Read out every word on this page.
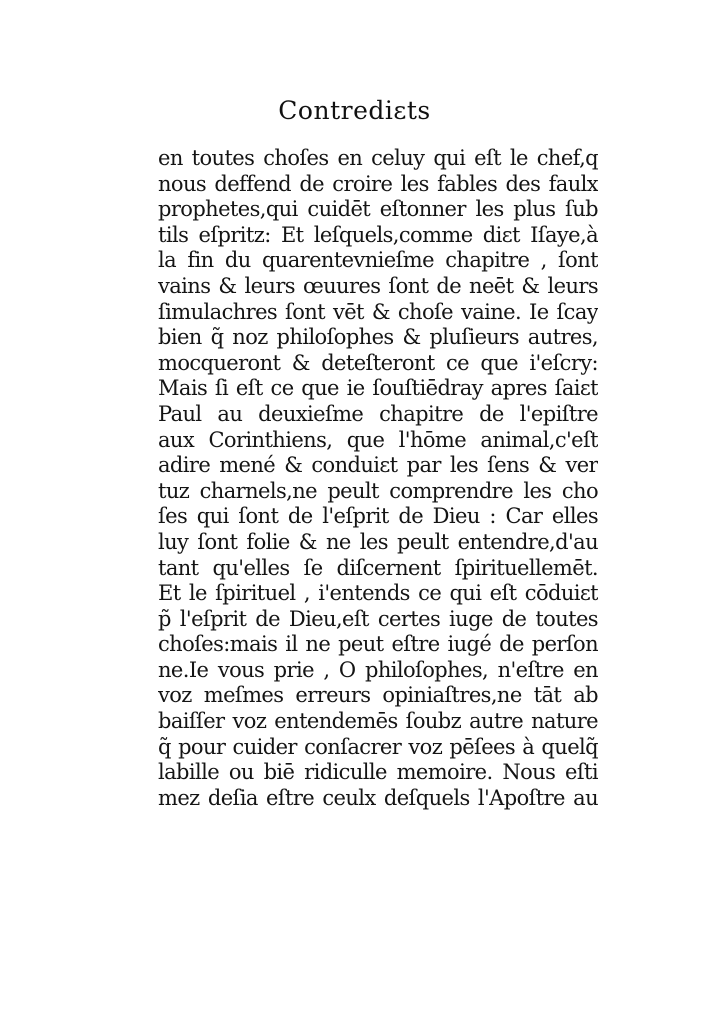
Contrediɛts
en toutes choſes en celuy qui eſt le chef,q
nous deffend de croire les fables des faulx
prophetes,qui cuidēt eſtonner les plus ſub
tils eſpritz: Et leſquels,comme diɛt Iſaye,à
la fin du quarentevnieſme chapitre , ſont
vains & leurs œuures ſont de neēt & leurs
ſimulachres ſont vēt & choſe vaine. Ie ſcay
bien q̃ noz philoſophes & pluſieurs autres,
mocqueront & deteſteront ce que i'eſcry:
Mais ſi eſt ce que ie ſouſtiēdray apres ſaiɛt
Paul au deuxieſme chapitre de l'epiſtre
aux Corinthiens, que l'hōme animal,c'eſt
adire mené & conduiɛt par les ſens & ver
tuz charnels,ne peult comprendre les cho
ſes qui ſont de l'eſprit de Dieu : Car elles
luy ſont folie & ne les peult entendre,d'au
tant qu'elles ſe diſcernent ſpirituellemēt.
Et le ſpirituel , i'entends ce qui eſt cōduiɛt
p̃ l'eſprit de Dieu,eſt certes iuge de toutes
choſes:mais il ne peut eſtre iugé de perſon
ne.Ie vous prie , O philoſophes, n'eſtre en
voz meſmes erreurs opiniaſtres,ne tāt ab
baiſſer voz entendemēs ſoubz autre nature
q̃ pour cuider conſacrer voz pēſees à quelq̃
labille ou biē ridiculle memoire. Nous eſti
mez deſia eſtre ceulx deſquels l'Apoſtre au
